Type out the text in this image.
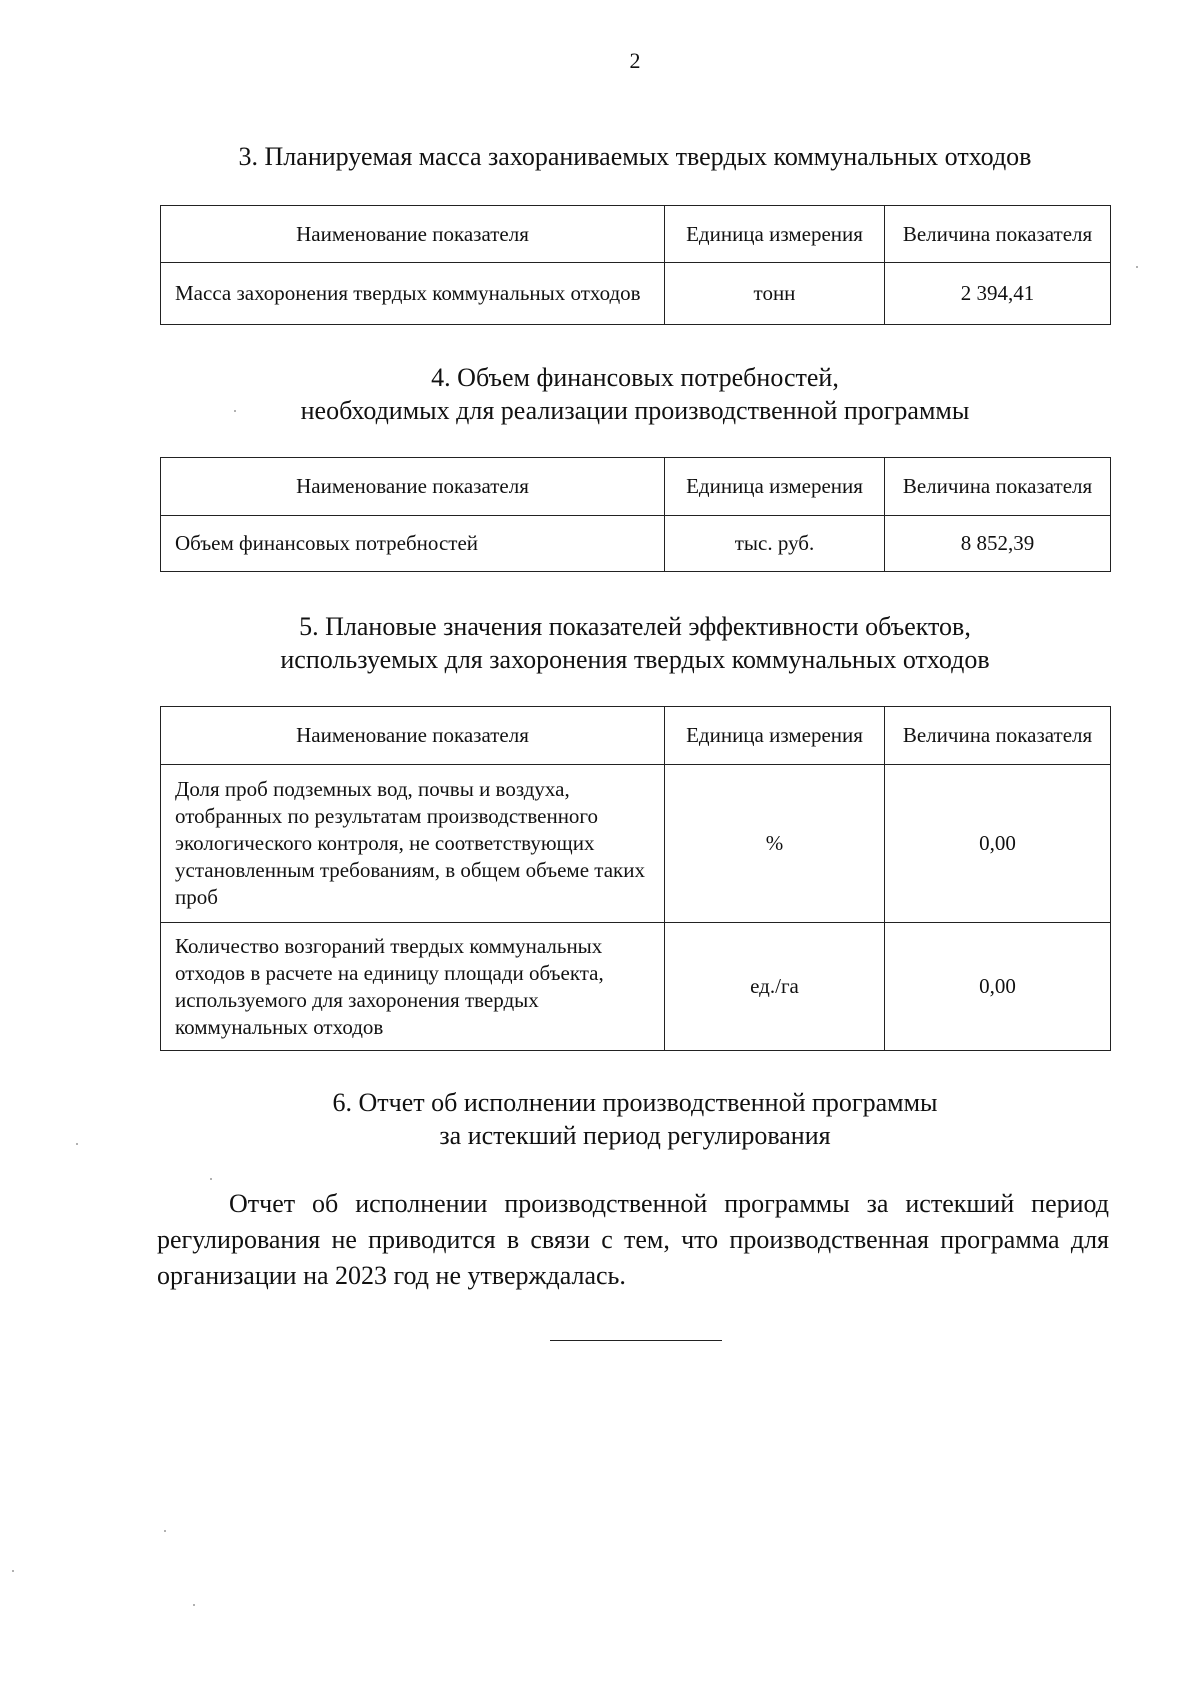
2
3. Планируемая масса захораниваемых твердых коммунальных отходов
Наименование показателя	Единица измерения	Величина показателя
Масса захоронения твердых коммунальных отходов	тонн	2 394,41
4. Объем финансовых потребностей,
необходимых для реализации производственной программы
Наименование показателя	Единица измерения	Величина показателя
Объем финансовых потребностей	тыс. руб.	8 852,39
5. Плановые значения показателей эффективности объектов,
используемых для захоронения твердых коммунальных отходов
Наименование показателя	Единица измерения	Величина показателя
Доля проб подземных вод, почвы и воздуха, отобранных по результатам производственного экологического контроля, не соответствующих установленным требованиям, в общем объеме таких проб	%	0,00
Количество возгораний твердых коммунальных отходов в расчете на единицу площади объекта, используемого для захоронения твердых коммунальных отходов	ед./га	0,00
6. Отчет об исполнении производственной программы
за истекший период регулирования
Отчет об исполнении производственной программы за истекший период регулирования не приводится в связи с тем, что производственная программа для организации на 2023 год не утверждалась.
